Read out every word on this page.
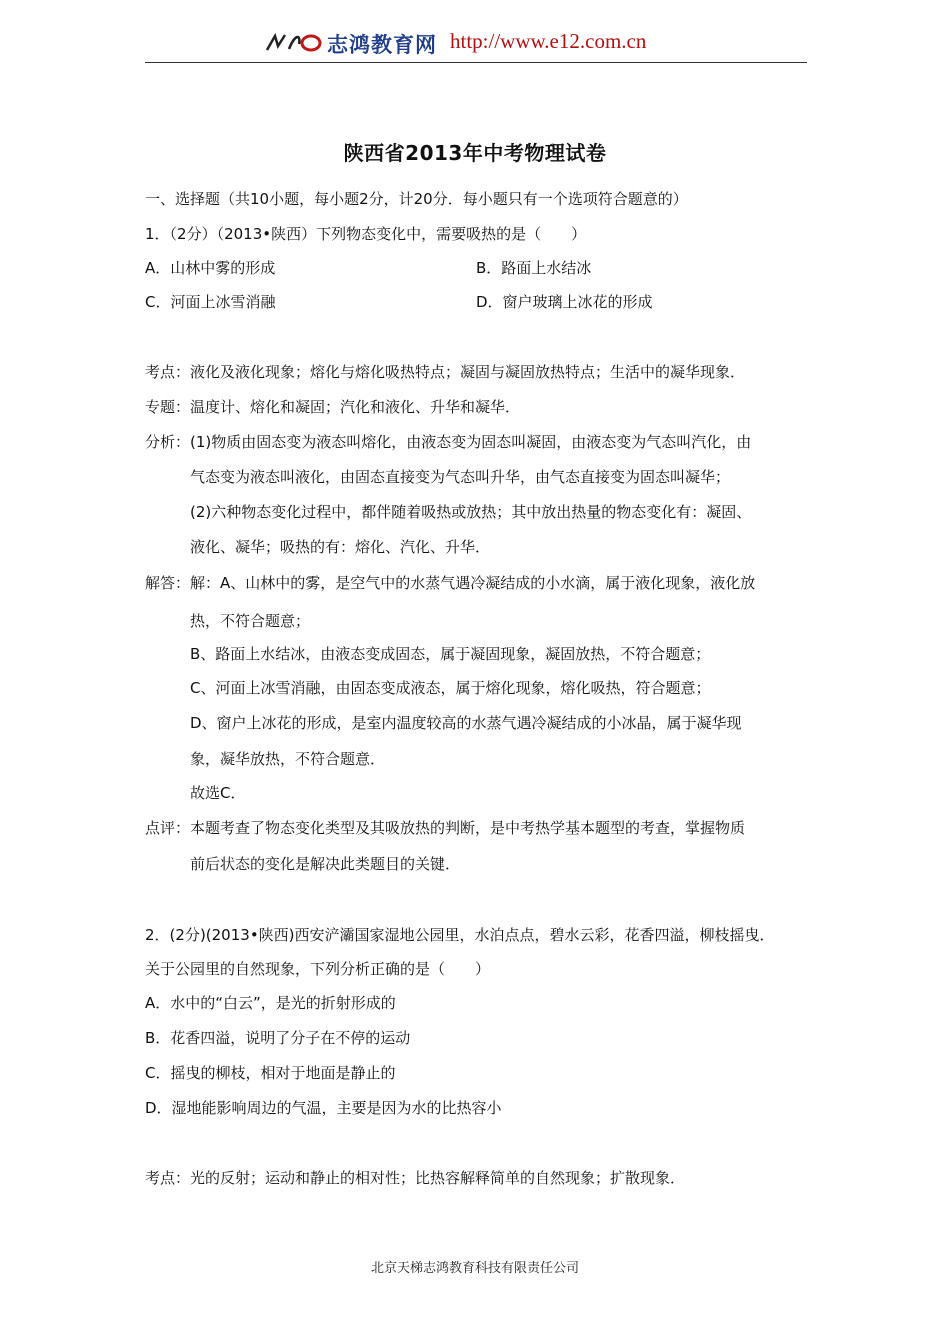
志鸿教育网 http://www.e12.com.cn
陕西省2013年中考物理试卷
一、选择题（共10小题，每小题2分，计20分．每小题只有一个选项符合题意的）
1．（2分）（2013•陕西）下列物态变化中，需要吸热的是（　　）
A．山林中雾的形成	B．路面上水结冰
C．河面上冰雪消融	D．窗户玻璃上冰花的形成
考点：液化及液化现象；熔化与熔化吸热特点；凝固与凝固放热特点；生活中的凝华现象．
专题：温度计、熔化和凝固；汽化和液化、升华和凝华．
分析：(1)物质由固态变为液态叫熔化，由液态变为固态叫凝固，由液态变为气态叫汽化，由
气态变为液态叫液化，由固态直接变为气态叫升华，由气态直接变为固态叫凝华；
(2)六种物态变化过程中，都伴随着吸热或放热；其中放出热量的物态变化有：凝固、
液化、凝华；吸热的有：熔化、汽化、升华．
解答：解：A、山林中的雾，是空气中的水蒸气遇冷凝结成的小水滴，属于液化现象，液化放
热，不符合题意；
B、路面上水结冰，由液态变成固态，属于凝固现象，凝固放热，不符合题意；
C、河面上冰雪消融，由固态变成液态，属于熔化现象，熔化吸热，符合题意；
D、窗户上冰花的形成，是室内温度较高的水蒸气遇冷凝结成的小冰晶，属于凝华现
象，凝华放热，不符合题意．
故选C．
点评：本题考查了物态变化类型及其吸放热的判断，是中考热学基本题型的考查，掌握物质
前后状态的变化是解决此类题目的关键．
2．(2分)(2013•陕西)西安浐灞国家湿地公园里，水泊点点，碧水云彩，花香四溢，柳枝摇曳．
关于公园里的自然现象，下列分析正确的是（　　）
A．水中的“白云”，是光的折射形成的
B．花香四溢，说明了分子在不停的运动
C．摇曳的柳枝，相对于地面是静止的
D．湿地能影响周边的气温，主要是因为水的比热容小
考点：光的反射；运动和静止的相对性；比热容解释简单的自然现象；扩散现象．
北京天梯志鸿教育科技有限责任公司
